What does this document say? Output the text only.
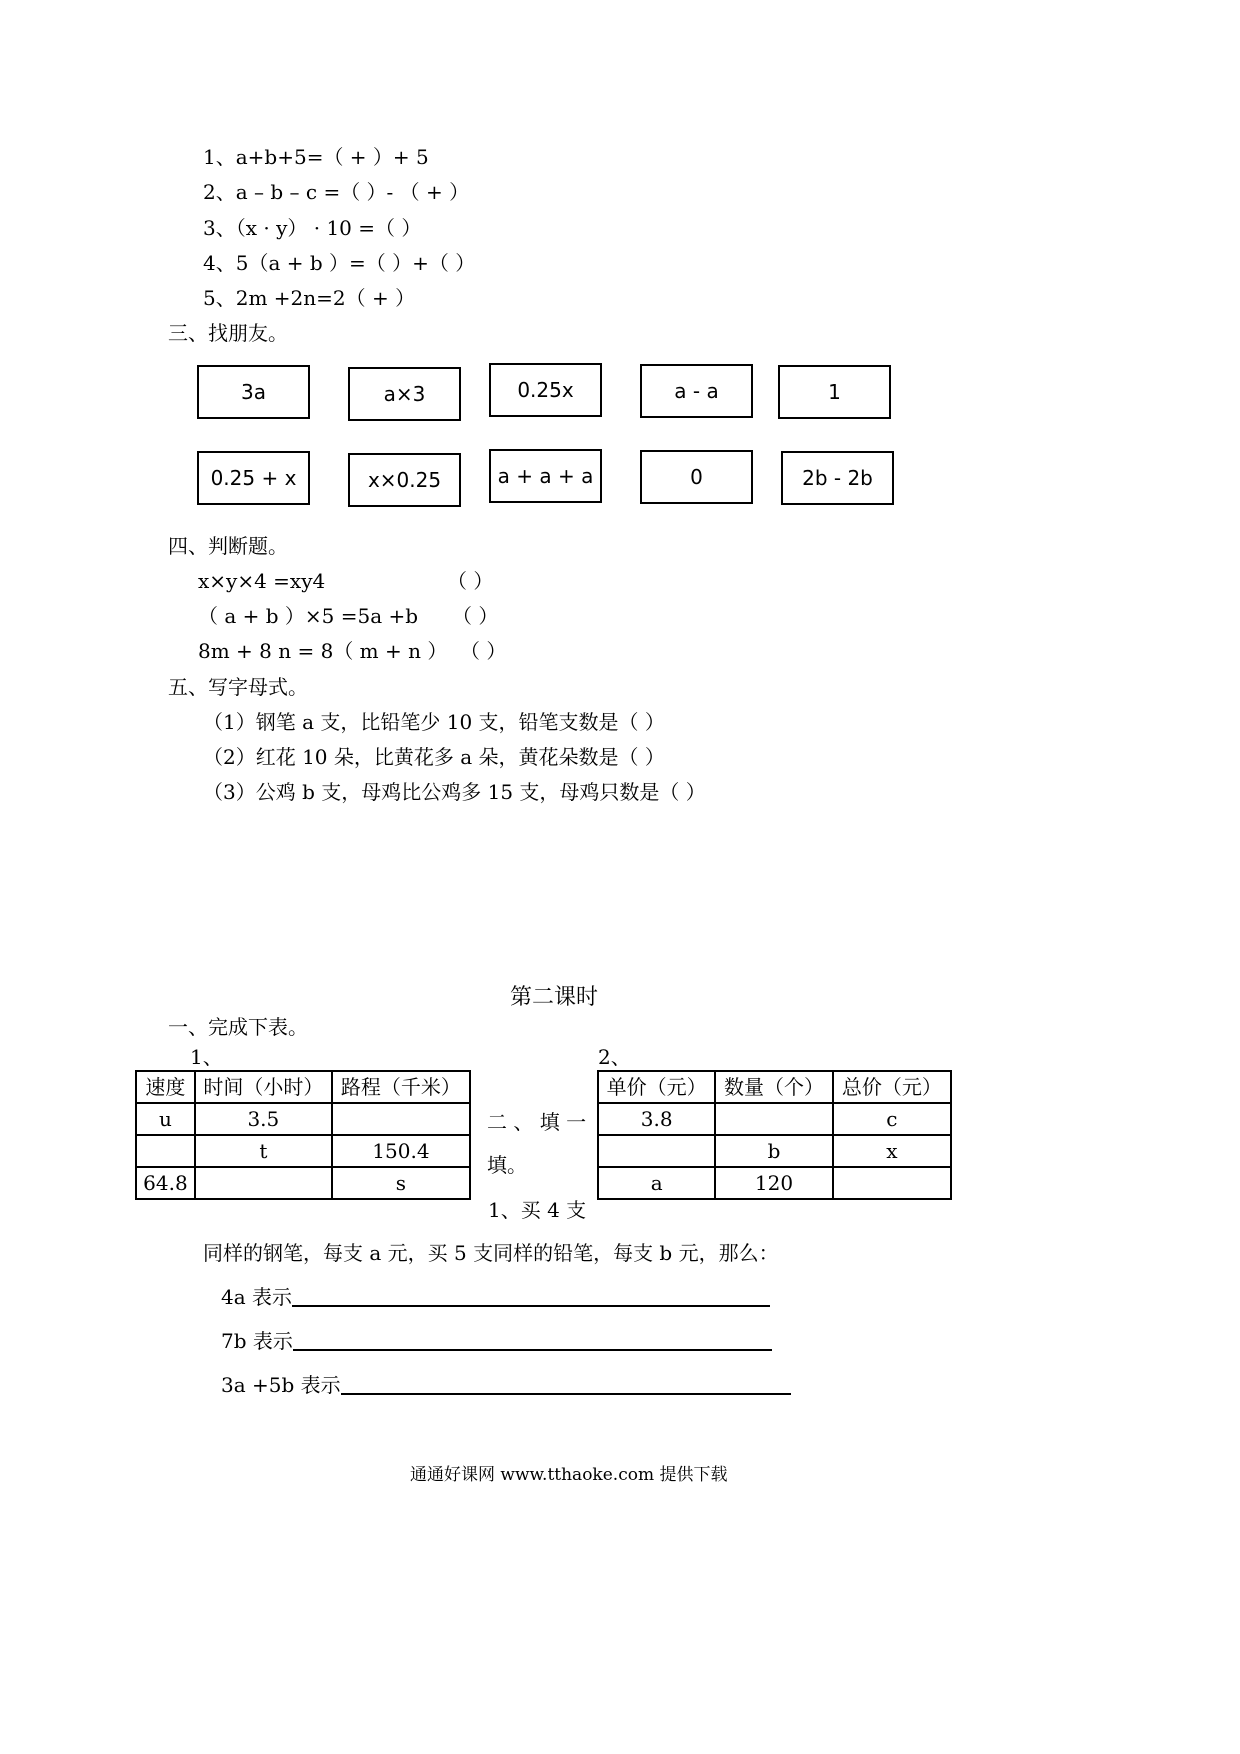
1、a+b+5=（ + ）+ 5
2、a – b – c =（ ）- （ + ）
3、（x · y） · 10 =（ ）
4、5（a + b ）=（ ）+（ ）
5、2m +2n=2（ + ）
三、找朋友。
3a	a×3	0.25x	a - a	1
0.25 + x	x×0.25	a + a + a	0	2b - 2b
四、判断题。
x×y×4 =xy4	（ ）
（ a + b ）×5 =5a +b （ ）
8m + 8 n = 8（ m + n ） （ ）
五、写字母式。
（1）钢笔 a 支，比铅笔少 10 支，铅笔支数是（ ）
（2）红花 10 朵，比黄花多 a 朵，黄花朵数是（ ）
（3）公鸡 b 支，母鸡比公鸡多 15 支，母鸡只数是（ ）
第二课时
一、完成下表。
1、	2、
速度	时间（小时）	路程（千米）
u	3.5	
	t	150.4
64.8		s
二 、 填 一
填。
1、买 4 支
单价（元）	数量（个）	总价（元）
3.8		c
	b	x
a	120	
同样的钢笔，每支 a 元，买 5 支同样的铅笔，每支 b 元，那么：
4a 表示
7b 表示
3a +5b 表示
通通好课网 www.tthaoke.com 提供下载
